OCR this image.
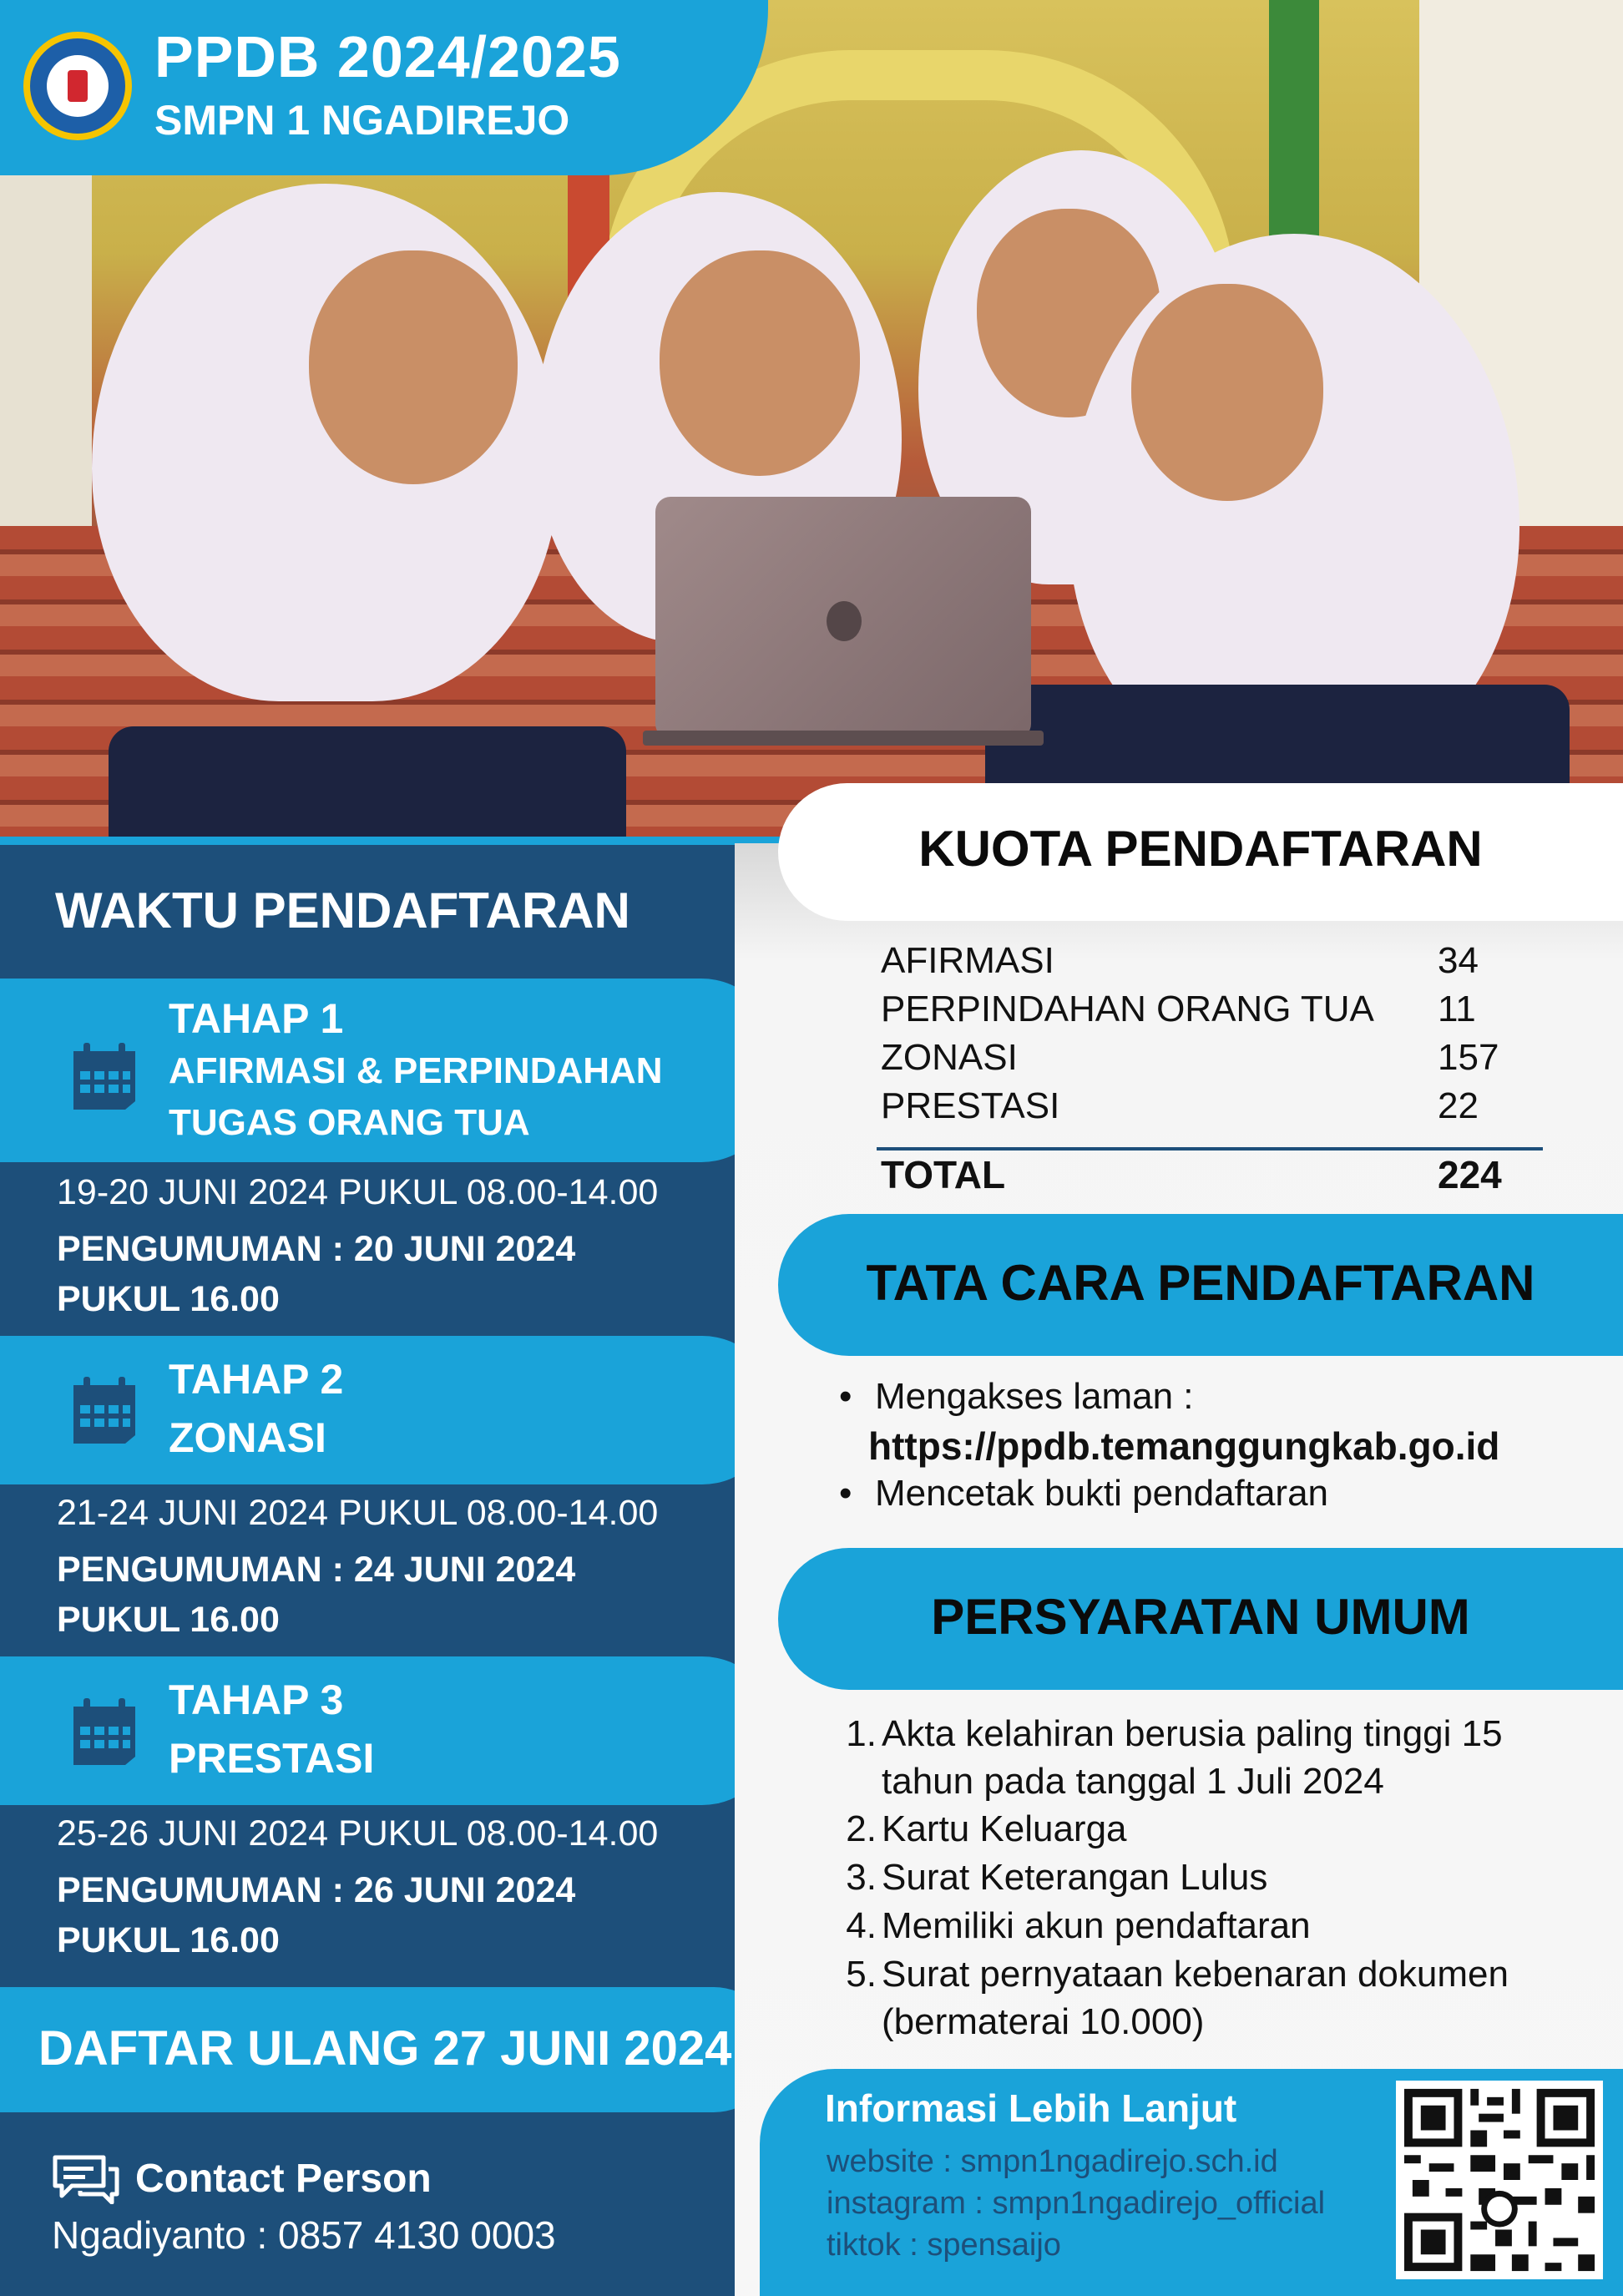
PPDB 2024/2025
SMPN 1 NGADIREJO
WAKTU PENDAFTARAN
TAHAP 1
AFIRMASI & PERPINDAHAN
TUGAS ORANG TUA
19-20 JUNI 2024 PUKUL 08.00-14.00
PENGUMUMAN : 20 JUNI 2024
PUKUL 16.00
TAHAP 2
ZONASI
21-24 JUNI 2024 PUKUL 08.00-14.00
PENGUMUMAN : 24 JUNI 2024
PUKUL 16.00
TAHAP 3
PRESTASI
25-26 JUNI 2024 PUKUL 08.00-14.00
PENGUMUMAN : 26 JUNI 2024
PUKUL 16.00
DAFTAR ULANG 27 JUNI 2024
Contact Person
Ngadiyanto : 0857 4130 0003
KUOTA PENDAFTARAN
AFIRMASI	34
PERPINDAHAN ORANG TUA 11
ZONASI	157
PRESTASI	22
TOTAL	224
TATA CARA PENDAFTARAN
• Mengakses laman :
https://ppdb.temanggungkab.go.id
• Mencetak bukti pendaftaran
PERSYARATAN UMUM
1. Akta kelahiran berusia paling tinggi 15
tahun pada tanggal 1 Juli 2024
2. Kartu Keluarga
3. Surat Keterangan Lulus
4. Memiliki akun pendaftaran
5. Surat pernyataan kebenaran dokumen
(bermaterai 10.000)
Informasi Lebih Lanjut
website : smpn1ngadirejo.sch.id
instagram : smpn1ngadirejo_official
tiktok : spensaijo
